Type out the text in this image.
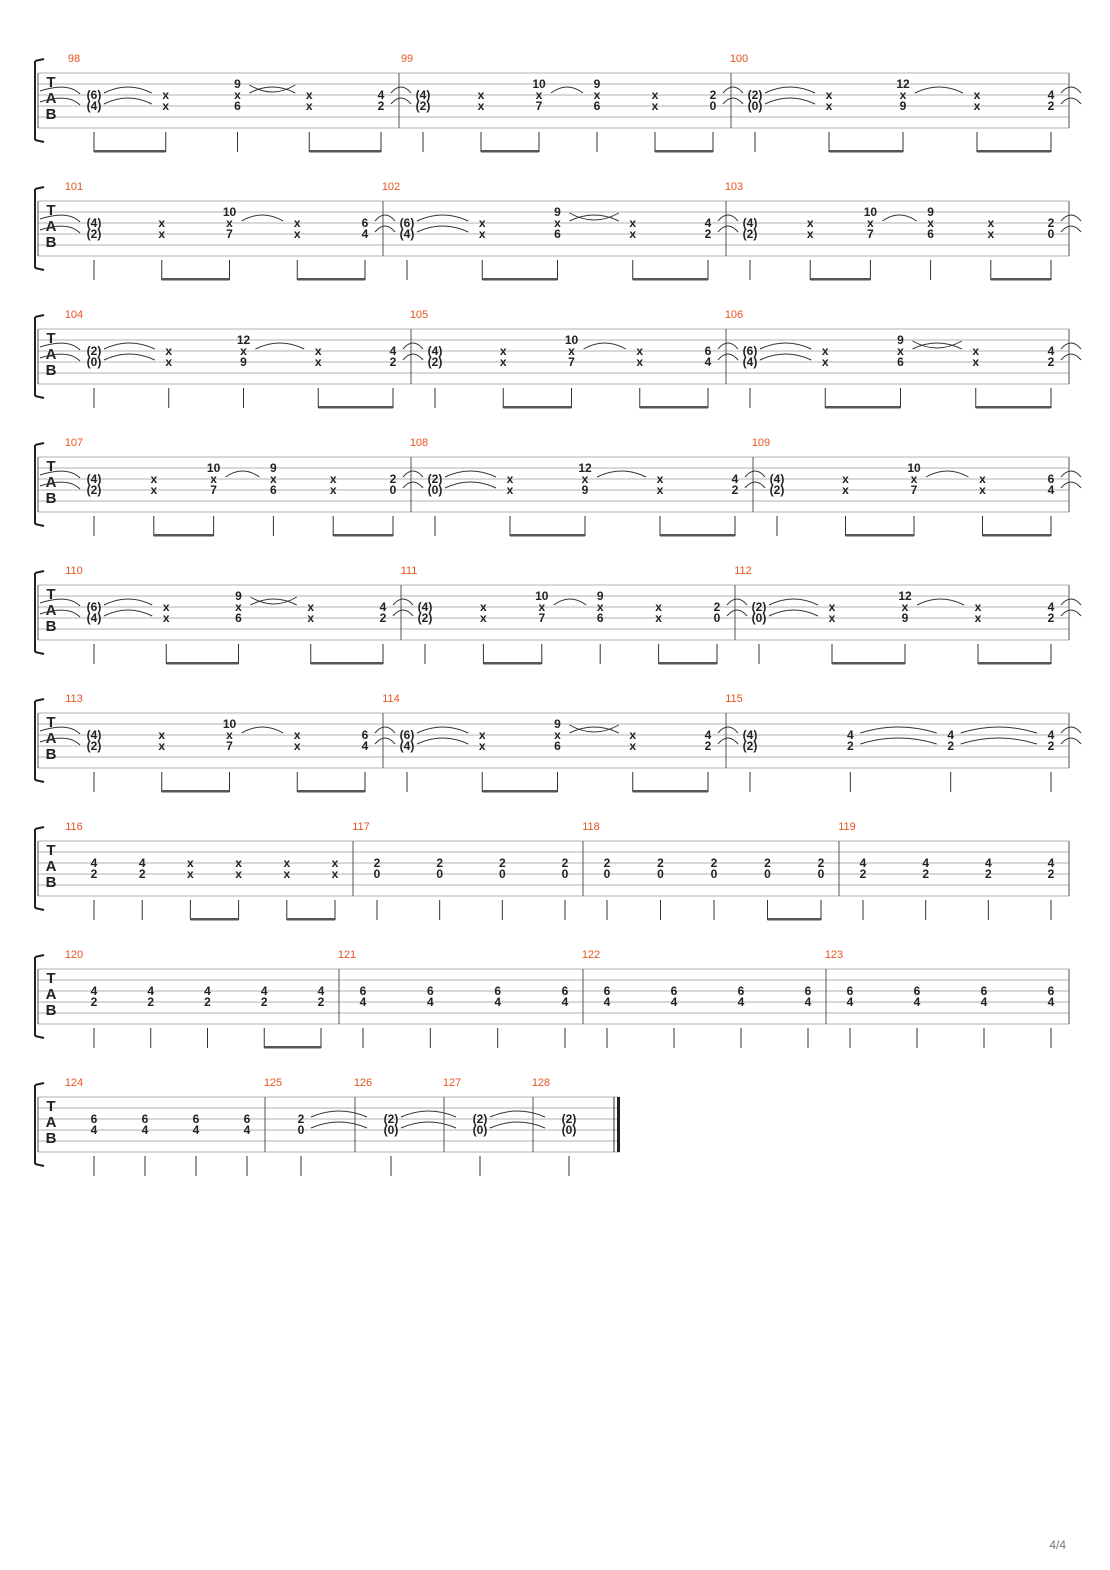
T
A
B
98
(6)
(4)
x
x
9
x
6
x
x
4
2
99
(4)
(2)
x
x
10
x
7
9
x
6
x
x
2
0
100
(2)
(0)
x
x
12
x
9
x
x
4
2
T
A
B
101
(4)
(2)
x
x
10
x
7
x
x
6
4
102
(6)
(4)
x
x
9
x
6
x
x
4
2
103
(4)
(2)
x
x
10
x
7
9
x
6
x
x
2
0
T
A
B
104
(2)
(0)
x
x
12
x
9
x
x
4
2
105
(4)
(2)
x
x
10
x
7
x
x
6
4
106
(6)
(4)
x
x
9
x
6
x
x
4
2
T
A
B
107
(4)
(2)
x
x
10
x
7
9
x
6
x
x
2
0
108
(2)
(0)
x
x
12
x
9
x
x
4
2
109
(4)
(2)
x
x
10
x
7
x
x
6
4
T
A
B
110
(6)
(4)
x
x
9
x
6
x
x
4
2
111
(4)
(2)
x
x
10
x
7
9
x
6
x
x
2
0
112
(2)
(0)
x
x
12
x
9
x
x
4
2
T
A
B
113
(4)
(2)
x
x
10
x
7
x
x
6
4
114
(6)
(4)
x
x
9
x
6
x
x
4
2
115
(4)
(2)
4
2
4
2
4
2
T
A
B
116
4
2
4
2
x
x
x
x
x
x
x
x
117
2
0
2
0
2
0
2
0
118
2
0
2
0
2
0
2
0
2
0
119
4
2
4
2
4
2
4
2
T
A
B
120
4
2
4
2
4
2
4
2
4
2
121
6
4
6
4
6
4
6
4
122
6
4
6
4
6
4
6
4
123
6
4
6
4
6
4
6
4
T
A
B
124
6
4
6
4
6
4
6
4
125
2
0
126
(2)
(0)
127
(2)
(0)
128
(2)
(0)
4/4
